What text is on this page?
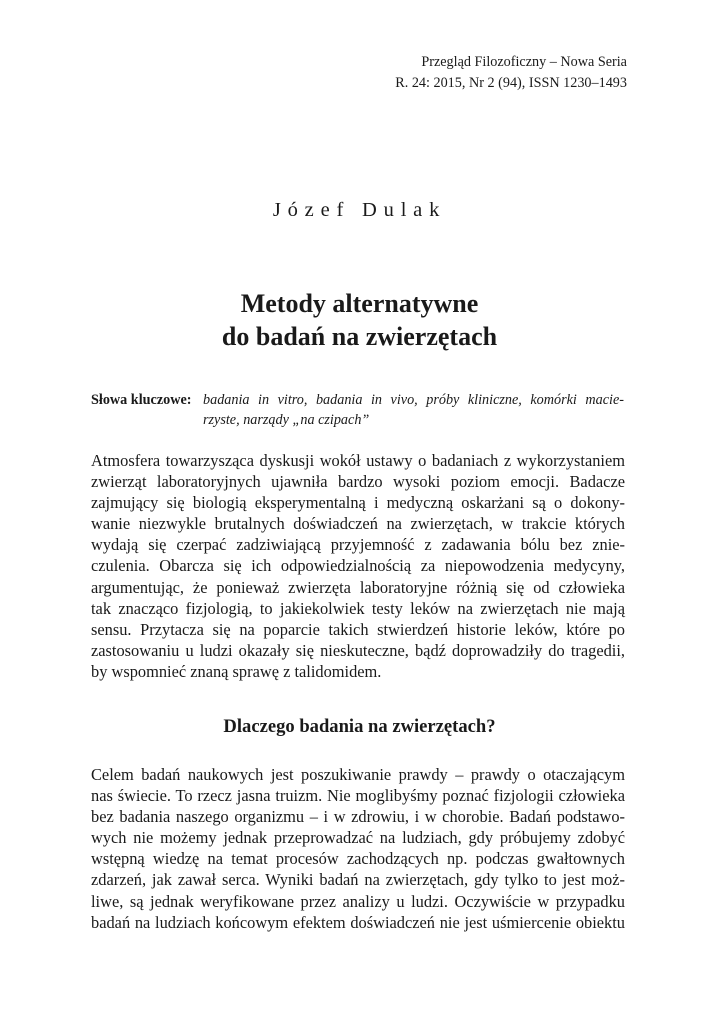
Przegląd Filozoficzny – Nowa Seria
R. 24: 2015, Nr 2 (94), ISSN 1230–1493
Józef Dulak
Metody alternatywne
do badań na zwierzętach
Słowa kluczowe: badania in vitro, badania in vivo, próby kliniczne, komórki macie-
rzyste, narządy „na czipach”
Atmosfera towarzysząca dyskusji wokół ustawy o badaniach z wykorzystaniem
zwierząt laboratoryjnych ujawniła bardzo wysoki poziom emocji. Badacze
zajmujący się biologią eksperymentalną i medyczną oskarżani są o dokony-
wanie niezwykle brutalnych doświadczeń na zwierzętach, w trakcie których
wydają się czerpać zadziwiającą przyjemność z zadawania bólu bez znie-
czulenia. Obarcza się ich odpowiedzialnością za niepowodzenia medycyny,
argumentując, że ponieważ zwierzęta laboratoryjne różnią się od człowieka
tak znacząco fizjologią, to jakiekolwiek testy leków na zwierzętach nie mają
sensu. Przytacza się na poparcie takich stwierdzeń historie leków, które po
zastosowaniu u ludzi okazały się nieskuteczne, bądź doprowadziły do tragedii,
by wspomnieć znaną sprawę z talidomidem.
Dlaczego badania na zwierzętach?
Celem badań naukowych jest poszukiwanie prawdy – prawdy o otaczającym
nas świecie. To rzecz jasna truizm. Nie moglibyśmy poznać fizjologii człowieka
bez badania naszego organizmu – i w zdrowiu, i w chorobie. Badań podstawo-
wych nie możemy jednak przeprowadzać na ludziach, gdy próbujemy zdobyć
wstępną wiedzę na temat procesów zachodzących np. podczas gwałtownych
zdarzeń, jak zawał serca. Wyniki badań na zwierzętach, gdy tylko to jest moż-
liwe, są jednak weryfikowane przez analizy u ludzi. Oczywiście w przypadku
badań na ludziach końcowym efektem doświadczeń nie jest uśmiercenie obiektu
